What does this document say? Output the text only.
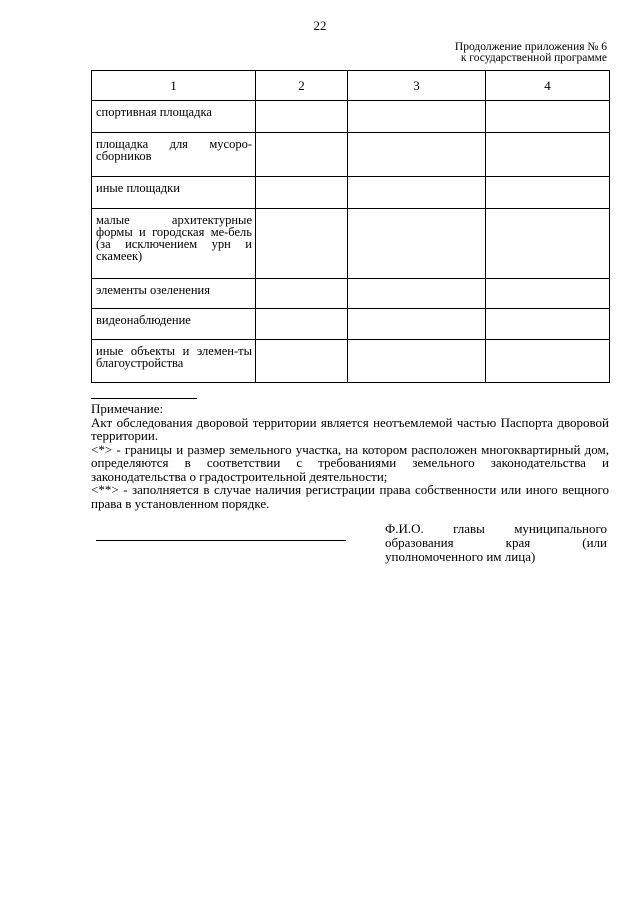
22
Продолжение приложения № 6
к государственной программе
1	2	3	4

спортивная площадка			

площадка для мусоро-сборников			

иные площадки			

малые архитектурные формы и городская ме-бель (за исключением урн и скамеек)			

элементы озеленения			

видеонаблюдение			

иные объекты и элемен-ты благоустройства			

Примечание:

Акт обследования дворовой территории является неотъемлемой частью Паспорта дворовой территории.

<*> - границы и размер земельного участка, на котором расположен многоквартирный дом, определяются в соответствии с требованиями земельного законодательства и законодательства о градостроительной деятельности;

<**> - заполняется в случае наличия регистрации права собственности или иного вещного права в установленном порядке.

Ф.И.О. главы муниципального образования края (или уполномоченного им лица)
